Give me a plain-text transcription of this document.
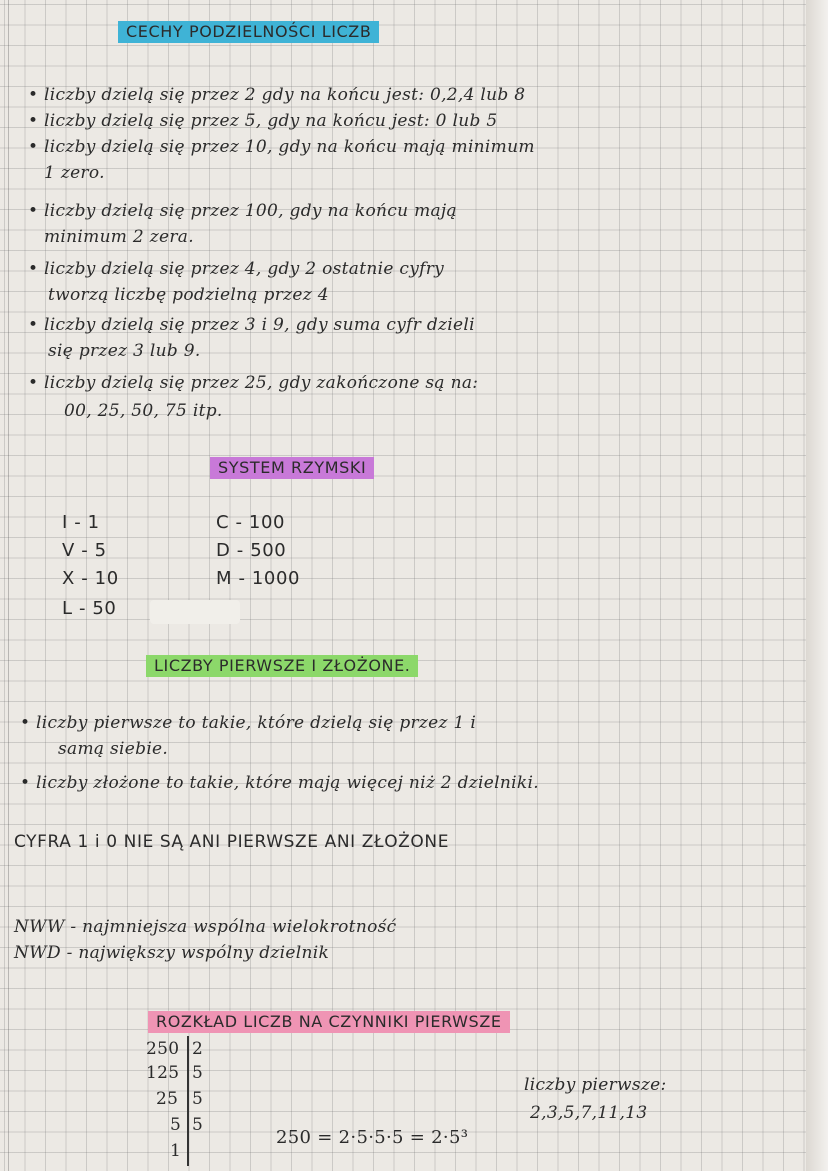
CECHY PODZIELNOŚCI LICZB
• liczby dzielą się przez 2 gdy na końcu jest: 0,2,4 lub 8
• liczby dzielą się przez 5, gdy na końcu jest: 0 lub 5
• liczby dzielą się przez 10, gdy na końcu mają minimum
1 zero.
• liczby dzielą się przez 100, gdy na końcu mają
minimum 2 zera.
• liczby dzielą się przez 4, gdy 2 ostatnie cyfry
tworzą liczbę podzielną przez 4
• liczby dzielą się przez 3 i 9, gdy suma cyfr dzieli
się przez 3 lub 9.
• liczby dzielą się przez 25, gdy zakończone są na:
00, 25, 50, 75 itp.
SYSTEM RZYMSKI
I - 1
V - 5
X - 10
L - 50
C - 100
D - 500
M - 1000
LICZBY PIERWSZE I ZŁOŻONE.
• liczby pierwsze to takie, które dzielą się przez 1 i
samą siebie.
• liczby złożone to takie, które mają więcej niż 2 dzielniki.
CYFRA 1 i 0 NIE SĄ ANI PIERWSZE ANI ZŁOŻONE
NWW - najmniejsza wspólna wielokrotność
NWD - największy wspólny dzielnik
ROZKŁAD LICZB NA CZYNNIKI PIERWSZE
250
125
25
5
1
2
5
5
5
250 = 2·5·5·5 = 2·5³
liczby pierwsze:
2,3,5,7,11,13
